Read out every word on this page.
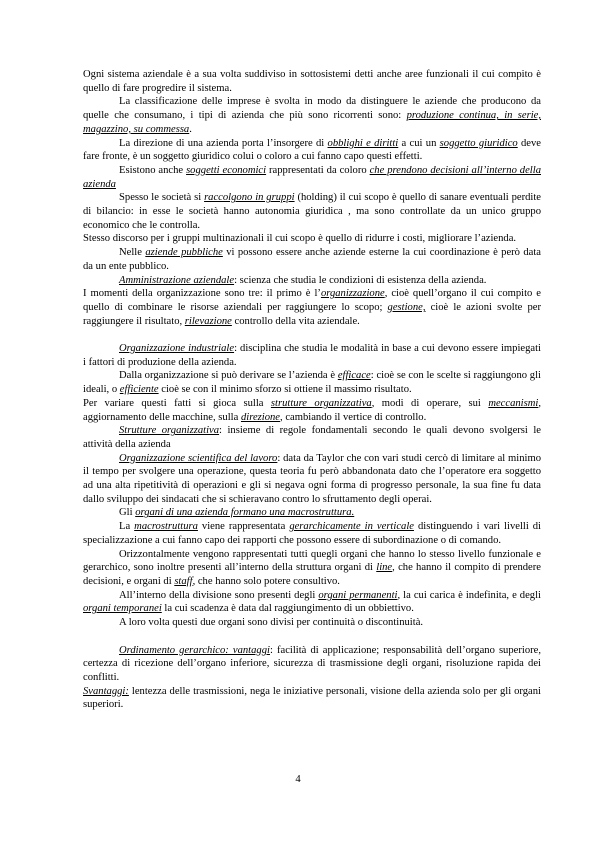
Ogni sistema aziendale è a sua volta suddiviso in sottosistemi detti anche aree funzionali il cui compito è quello di fare progredire il sistema.

La classificazione delle imprese è svolta in modo da distinguere le aziende che producono da quelle che consumano, i tipi di azienda che più sono ricorrenti sono: produzione continua, in serie, magazzino, su commessa.

La direzione di una azienda porta l’insorgere di obblighi e diritti a cui un soggetto giuridico deve fare fronte, è un soggetto giuridico colui o coloro a cui fanno capo questi effetti.

Esistono anche soggetti economici rappresentati da coloro che prendono decisioni all’interno della azienda

Spesso le società si raccolgono in gruppi (holding) il cui scopo è quello di sanare eventuali perdite di bilancio: in esse le società hanno autonomia giuridica , ma sono controllate da un unico gruppo economico che le controlla.

Stesso discorso per i gruppi multinazionali il cui scopo è quello di ridurre i costi, migliorare l’azienda.

Nelle aziende pubbliche vi possono essere anche aziende esterne la cui coordinazione è però data da un ente pubblico.

Amministrazione aziendale: scienza che studia le condizioni di esistenza della azienda.

I momenti della organizzazione sono tre: il primo è l’organizzazione, cioè quell’organo il cui compito e quello di combinare le risorse aziendali per raggiungere lo scopo; gestione, cioè le azioni svolte per raggiungere il risultato, rilevazione controllo della vita aziendale.

Organizzazione industriale: disciplina che studia le modalità in base a cui devono essere impiegati i fattori di produzione della azienda.

Dalla organizzazione si può derivare se l’azienda è efficace: cioè se con le scelte si raggiungono gli ideali, o efficiente cioè se con il minimo sforzo si ottiene il massimo risultato.

Per variare questi fatti si gioca sulla strutture organizzativa, modi di operare, sui meccanismi, aggiornamento delle macchine, sulla direzione, cambiando il vertice di controllo.

Strutture organizzativa: insieme di regole fondamentali secondo le quali devono svolgersi le attività della azienda

Organizzazione scientifica del lavoro: data da Taylor che con vari studi cercò di limitare al minimo il tempo per svolgere una operazione, questa teoria fu però abbandonata dato che l’operatore era soggetto ad una alta ripetitività di operazioni e gli si negava ogni forma di progresso personale, la sua fine fu data dallo sviluppo dei sindacati che si schieravano contro lo sfruttamento degli operai.

Gli organi di una azienda formano una macrostruttura.

La macrostruttura viene rappresentata gerarchicamente in verticale distinguendo i vari livelli di specializzazione a cui fanno capo dei rapporti che possono essere di subordinazione o di comando.

Orizzontalmente vengono rappresentati tutti quegli organi che hanno lo stesso livello funzionale e gerarchico, sono inoltre presenti all’interno della struttura organi di line, che hanno il compito di prendere decisioni, e organi di staff, che hanno solo potere consultivo.

All’interno della divisione sono presenti degli organi permanenti, la cui carica è indefinita, e degli organi temporanei la cui scadenza è data dal raggiungimento di un obbiettivo.

A loro volta questi due organi sono divisi per continuità o discontinuità.

Ordinamento gerarchico: vantaggi: facilità di applicazione; responsabilità dell’organo superiore, certezza di ricezione dell’organo inferiore, sicurezza di trasmissione degli organi, risoluzione rapida dei conflitti.

Svantaggi: lentezza delle trasmissioni, nega le iniziative personali, visione della azienda solo per gli organi superiori.

4
